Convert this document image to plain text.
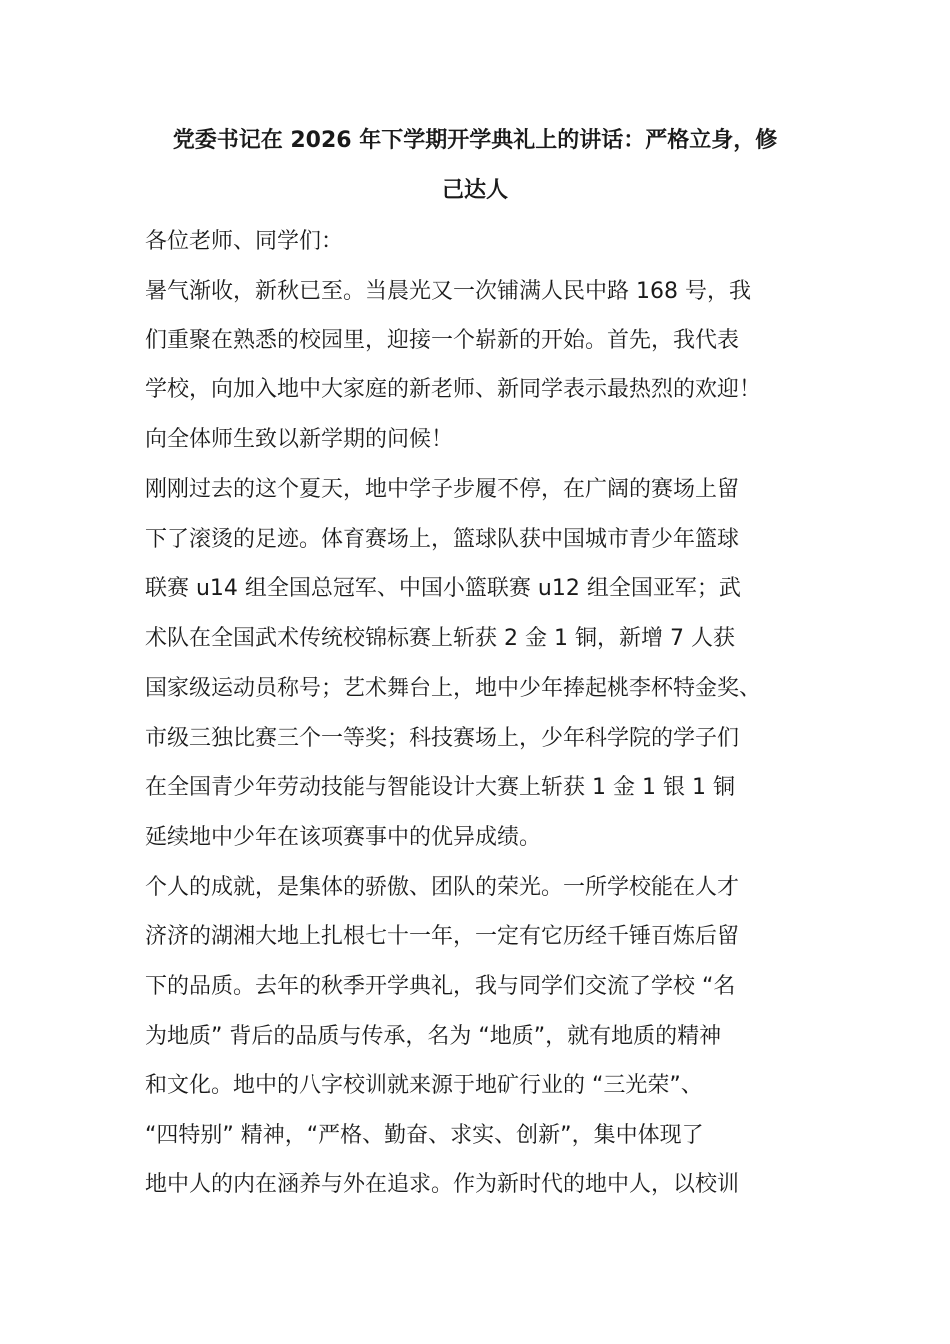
党委书记在 2026 年下学期开学典礼上的讲话：严格立身，修
己达人
各位老师、同学们：
暑气渐收，新秋已至。当晨光又一次铺满人民中路 168 号，我
们重聚在熟悉的校园里，迎接一个崭新的开始。首先，我代表
学校，向加入地中大家庭的新老师、新同学表示最热烈的欢迎！
向全体师生致以新学期的问候！
刚刚过去的这个夏天，地中学子步履不停，在广阔的赛场上留
下了滚烫的足迹。体育赛场上，篮球队获中国城市青少年篮球
联赛 u14 组全国总冠军、中国小篮联赛 u12 组全国亚军；武
术队在全国武术传统校锦标赛上斩获 2 金 1 铜，新增 7 人获
国家级运动员称号；艺术舞台上，地中少年捧起桃李杯特金奖、
市级三独比赛三个一等奖；科技赛场上，少年科学院的学子们
在全国青少年劳动技能与智能设计大赛上斩获 1 金 1 银 1 铜
延续地中少年在该项赛事中的优异成绩。
个人的成就，是集体的骄傲、团队的荣光。一所学校能在人才
济济的湖湘大地上扎根七十一年，一定有它历经千锤百炼后留
下的品质。去年的秋季开学典礼，我与同学们交流了学校 “名
为地质” 背后的品质与传承，名为 “地质”，就有地质的精神
和文化。地中的八字校训就来源于地矿行业的 “三光荣”、
“四特别” 精神，“严格、勤奋、求实、创新”，集中体现了
地中人的内在涵养与外在追求。作为新时代的地中人，以校训
